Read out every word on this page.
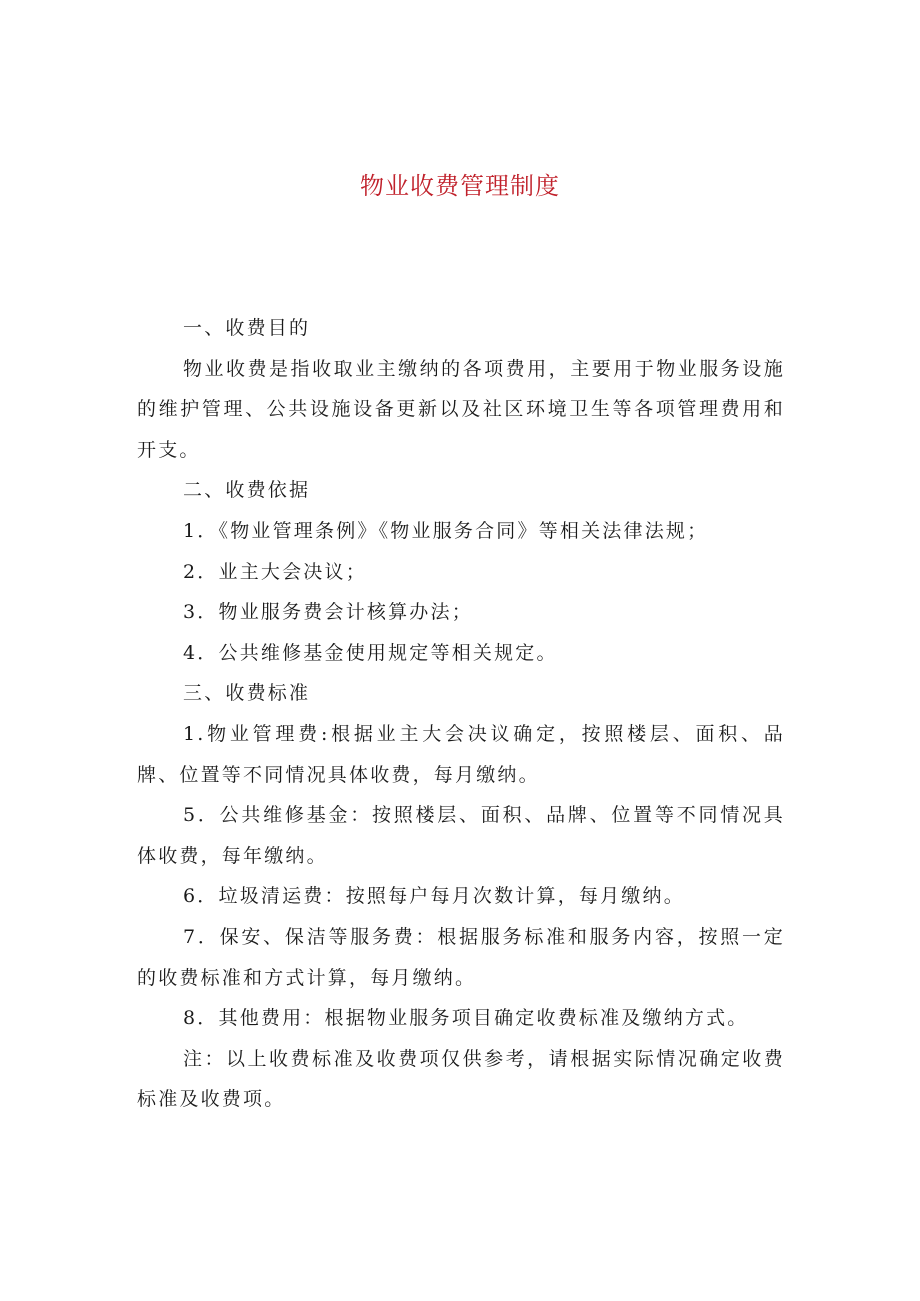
物业收费管理制度

一、收费目的

物业收费是指收取业主缴纳的各项费用，主要用于物业服务设施的维护管理、公共设施设备更新以及社区环境卫生等各项管理费用和开支。

二、收费依据

1．《物业管理条例》《物业服务合同》等相关法律法规；

2．业主大会决议；

3．物业服务费会计核算办法；

4．公共维修基金使用规定等相关规定。

三、收费标准

1.物业管理费:根据业主大会决议确定，按照楼层、面积、品牌、位置等不同情况具体收费，每月缴纳。

5．公共维修基金：按照楼层、面积、品牌、位置等不同情况具体收费，每年缴纳。

6．垃圾清运费：按照每户每月次数计算，每月缴纳。

7．保安、保洁等服务费：根据服务标准和服务内容，按照一定的收费标准和方式计算，每月缴纳。

8．其他费用：根据物业服务项目确定收费标准及缴纳方式。

注：以上收费标准及收费项仅供参考，请根据实际情况确定收费标准及收费项。
